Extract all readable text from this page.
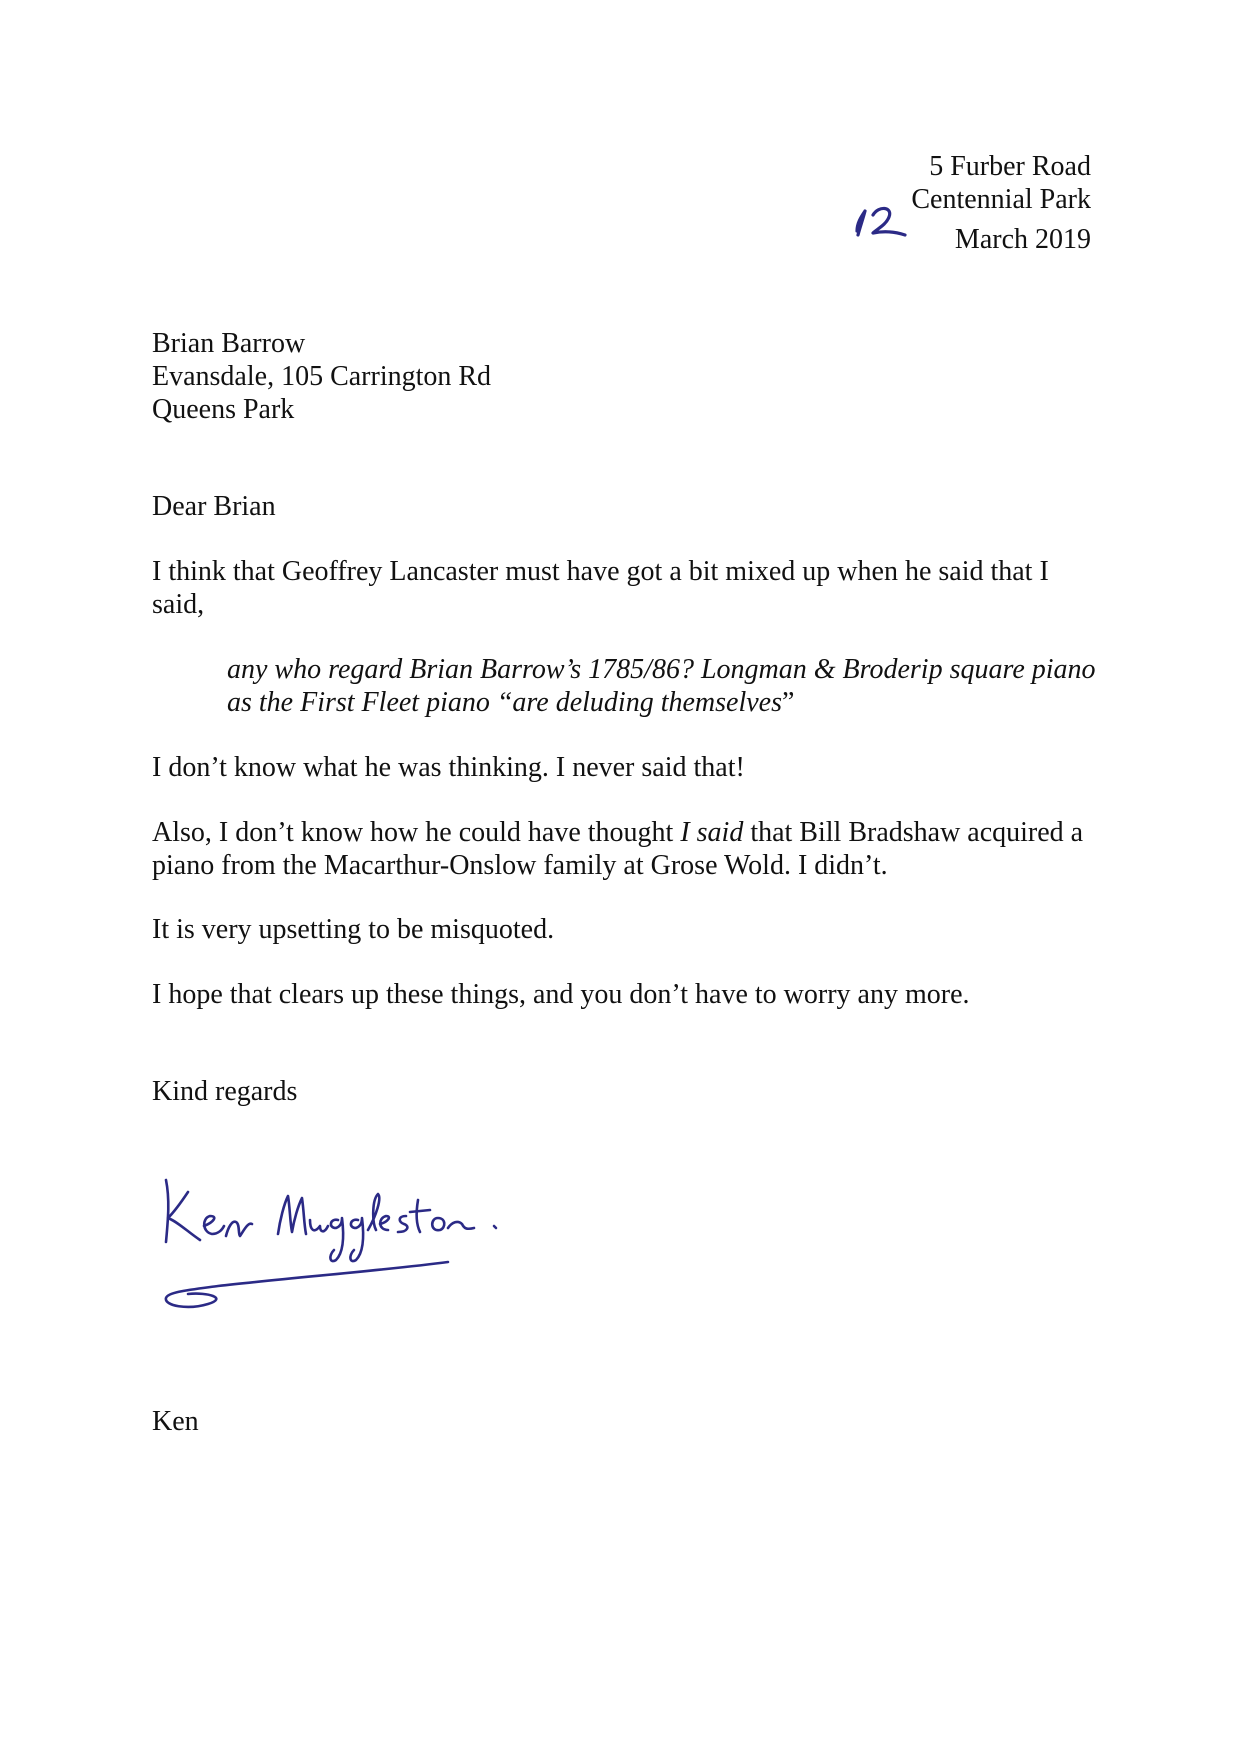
5 Furber Road
Centennial Park
March 2019
Brian Barrow
Evansdale, 105 Carrington Rd
Queens Park
Dear Brian
I think that Geoffrey Lancaster must have got a bit mixed up when he said that I said,
any who regard Brian Barrow’s 1785/86? Longman & Broderip square piano as the First Fleet piano “are deluding themselves”
I don’t know what he was thinking. I never said that!
Also, I don’t know how he could have thought I said that Bill Bradshaw acquired a piano from the Macarthur-Onslow family at Grose Wold. I didn’t.
It is very upsetting to be misquoted.
I hope that clears up these things, and you don’t have to worry any more.
Kind regards
Ken
